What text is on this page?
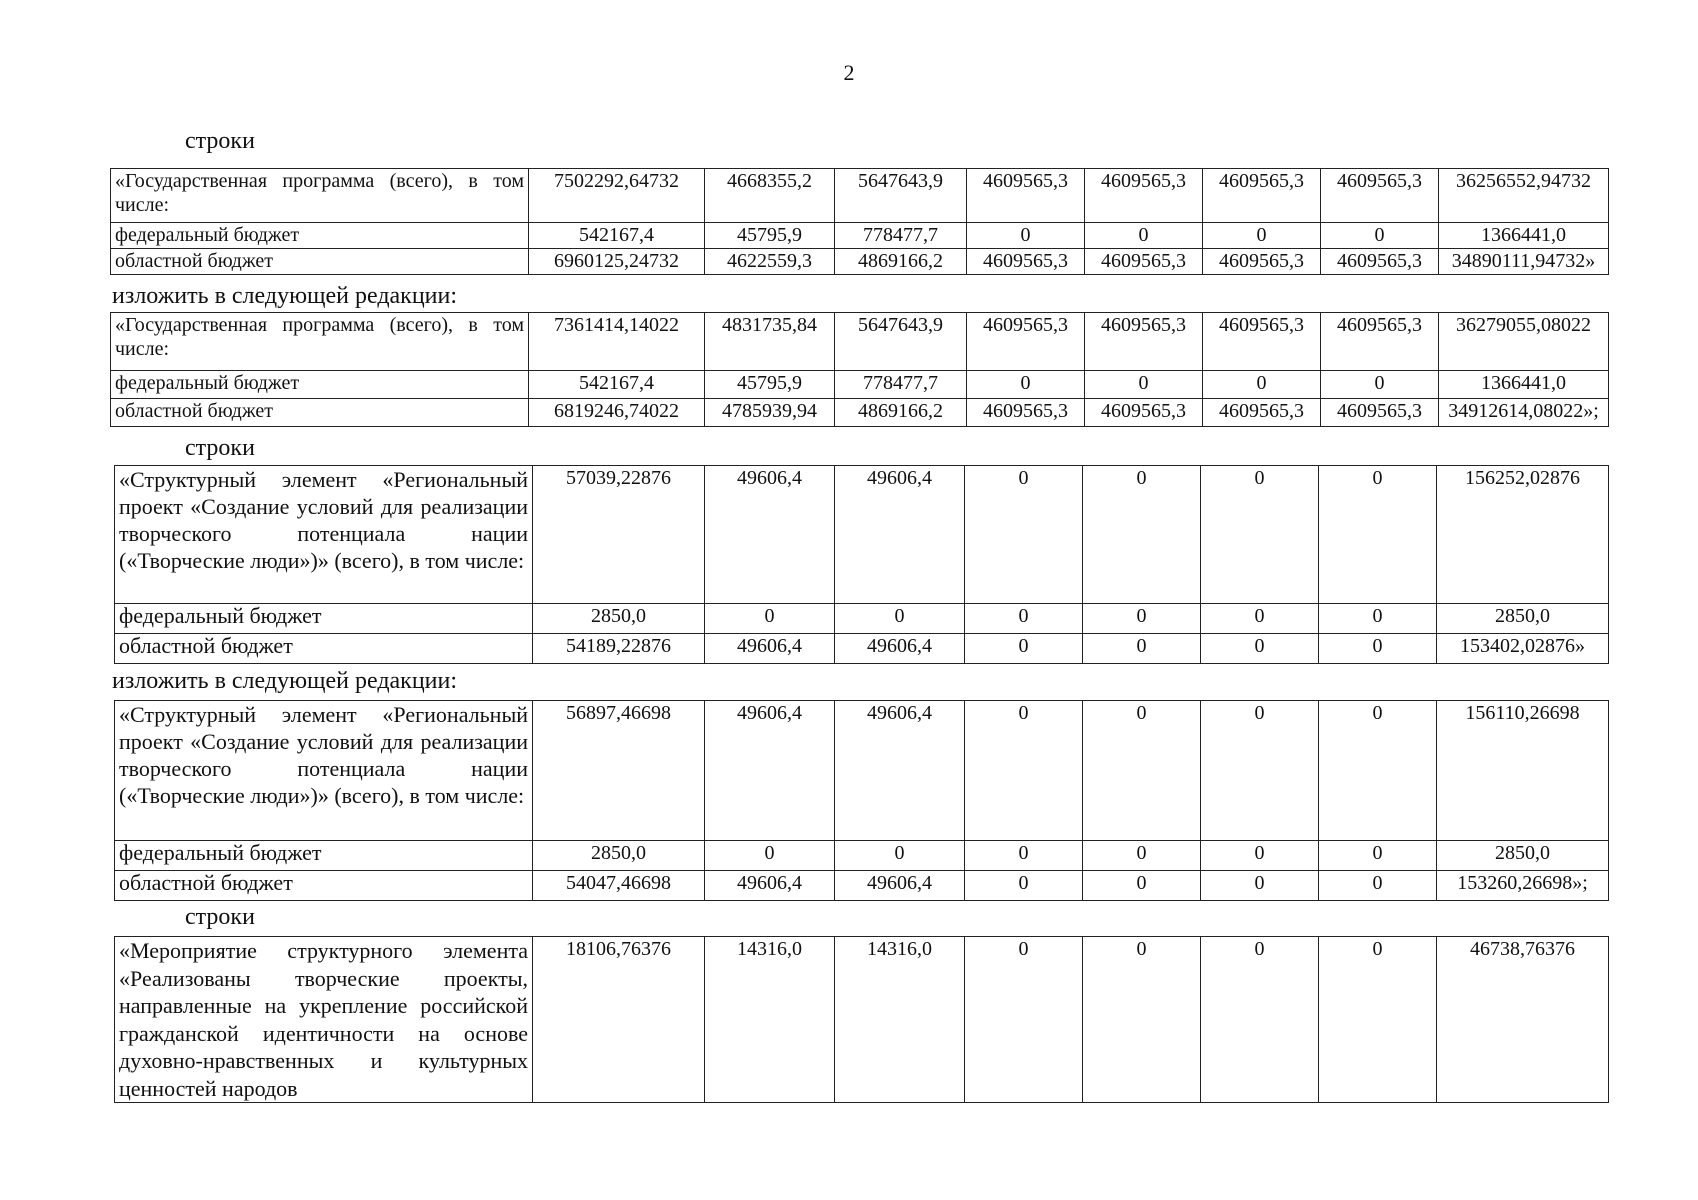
2
строки
«Государственная программа (всего), в том числе:	7502292,64732	4668355,2	5647643,9	4609565,3	4609565,3	4609565,3	4609565,3	36256552,94732
федеральный бюджет	542167,4	45795,9	778477,7	0	0	0	0	1366441,0
областной бюджет	6960125,24732	4622559,3	4869166,2	4609565,3	4609565,3	4609565,3	4609565,3	34890111,94732»
изложить в следующей редакции:
«Государственная программа (всего), в том числе:	7361414,14022	4831735,84	5647643,9	4609565,3	4609565,3	4609565,3	4609565,3	36279055,08022
федеральный бюджет	542167,4	45795,9	778477,7	0	0	0	0	1366441,0
областной бюджет	6819246,74022	4785939,94	4869166,2	4609565,3	4609565,3	4609565,3	4609565,3	34912614,08022»;
строки
«Структурный элемент «Региональный проект «Создание условий для реализации творческого потенциала нации («Творческие люди»)» (всего), в том числе:	57039,22876	49606,4	49606,4	0	0	0	0	156252,02876
федеральный бюджет	2850,0	0	0	0	0	0	0	2850,0
областной бюджет	54189,22876	49606,4	49606,4	0	0	0	0	153402,02876»
изложить в следующей редакции:
«Структурный элемент «Региональный проект «Создание условий для реализации творческого потенциала нации («Творческие люди»)» (всего), в том числе:	56897,46698	49606,4	49606,4	0	0	0	0	156110,26698
федеральный бюджет	2850,0	0	0	0	0	0	0	2850,0
областной бюджет	54047,46698	49606,4	49606,4	0	0	0	0	153260,26698»;
строки
«Мероприятие структурного элемента «Реализованы творческие проекты, направленные на укрепление российской гражданской идентичности на основе духовно-нравственных и культурных ценностей народов	18106,76376	14316,0	14316,0	0	0	0	0	46738,76376
